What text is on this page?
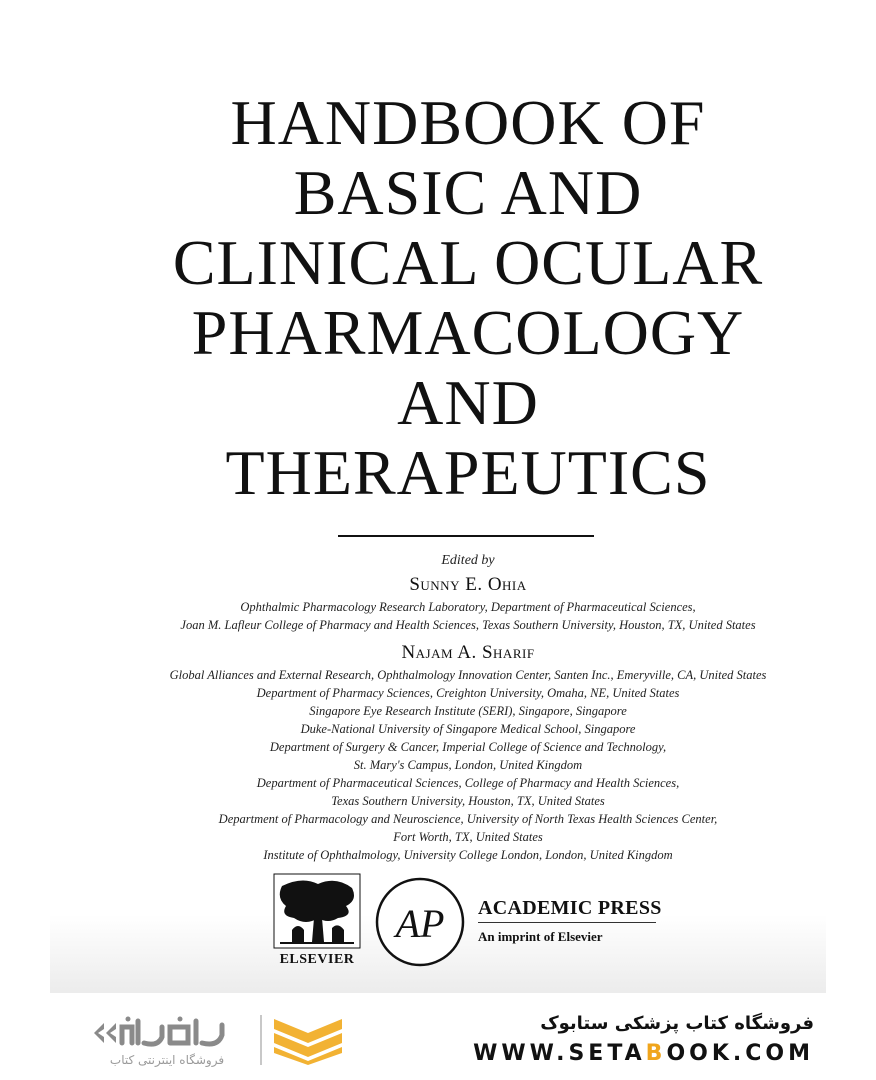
HANDBOOK OF
BASIC AND
CLINICAL OCULAR
PHARMACOLOGY
AND
THERAPEUTICS
Edited by
Sunny E. Ohia
Ophthalmic Pharmacology Research Laboratory, Department of Pharmaceutical Sciences,
Joan M. Lafleur College of Pharmacy and Health Sciences, Texas Southern University, Houston, TX, United States
Najam A. Sharif
Global Alliances and External Research, Ophthalmology Innovation Center, Santen Inc., Emeryville, CA, United States
Department of Pharmacy Sciences, Creighton University, Omaha, NE, United States
Singapore Eye Research Institute (SERI), Singapore, Singapore
Duke-National University of Singapore Medical School, Singapore
Department of Surgery & Cancer, Imperial College of Science and Technology,
St. Mary's Campus, London, United Kingdom
Department of Pharmaceutical Sciences, College of Pharmacy and Health Sciences,
Texas Southern University, Houston, TX, United States
Department of Pharmacology and Neuroscience, University of North Texas Health Sciences Center,
Fort Worth, TX, United States
Institute of Ophthalmology, University College London, London, United Kingdom
ELSEVIER
AP ACADEMIC PRESS
An imprint of Elsevier
فروشگاه اینترنتی کتاب
فروشگاه کتاب پزشکی ستابوک
WWW.SETABOOK.COM
